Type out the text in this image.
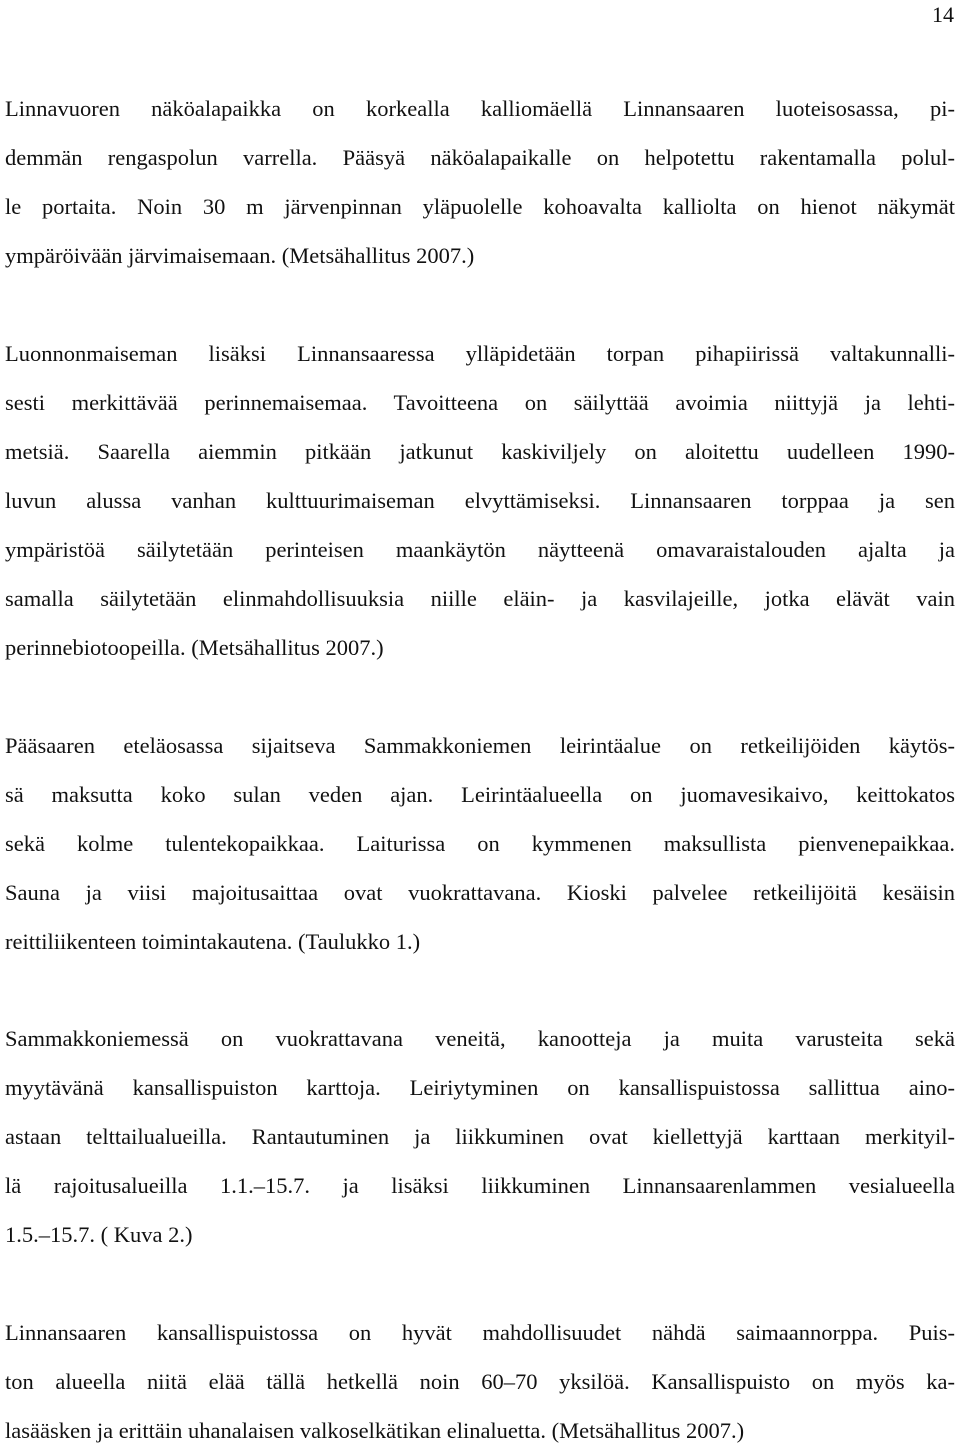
14
Linnavuoren näköalapaikka on korkealla kalliomäellä Linnansaaren luoteisosassa, pi-
demmän rengaspolun varrella. Pääsyä näköalapaikalle on helpotettu rakentamalla polul-
le portaita. Noin 30 m järvenpinnan yläpuolelle kohoavalta kalliolta on hienot näkymät
ympäröivään järvimaisemaan. (Metsähallitus 2007.)
Luonnonmaiseman lisäksi Linnansaaressa ylläpidetään torpan pihapiirissä valtakunnalli-
sesti merkittävää perinnemaisemaa. Tavoitteena on säilyttää avoimia niittyjä ja lehti-
metsiä. Saarella aiemmin pitkään jatkunut kaskiviljely on aloitettu uudelleen 1990-
luvun alussa vanhan kulttuurimaiseman elvyttämiseksi. Linnansaaren torppaa ja sen
ympäristöä säilytetään perinteisen maankäytön näytteenä omavaraistalouden ajalta ja
samalla säilytetään elinmahdollisuuksia niille eläin- ja kasvilajeille, jotka elävät vain
perinnebiotoopeilla. (Metsähallitus 2007.)
Pääsaaren eteläosassa sijaitseva Sammakkoniemen leirintäalue on retkeilijöiden käytös-
sä maksutta koko sulan veden ajan. Leirintäalueella on juomavesikaivo, keittokatos
sekä kolme tulentekopaikkaa. Laiturissa on kymmenen maksullista pienvenepaikkaa.
Sauna ja viisi majoitusaittaa ovat vuokrattavana. Kioski palvelee retkeilijöitä kesäisin
reittiliikenteen toimintakautena. (Taulukko 1.)
Sammakkoniemessä on vuokrattavana veneitä, kanootteja ja muita varusteita sekä
myytävänä kansallispuiston karttoja. Leiriytyminen on kansallispuistossa sallittua aino-
astaan telttailualueilla. Rantautuminen ja liikkuminen ovat kiellettyjä karttaan merkityil-
lä rajoitusalueilla 1.1.–15.7. ja lisäksi liikkuminen Linnansaarenlammen vesialueella
1.5.–15.7. ( Kuva 2.)
Linnansaaren kansallispuistossa on hyvät mahdollisuudet nähdä saimaannorppa. Puis-
ton alueella niitä elää tällä hetkellä noin 60–70 yksilöä. Kansallispuisto on myös ka-
lasääsken ja erittäin uhanalaisen valkoselkätikan elinaluetta. (Metsähallitus 2007.)
